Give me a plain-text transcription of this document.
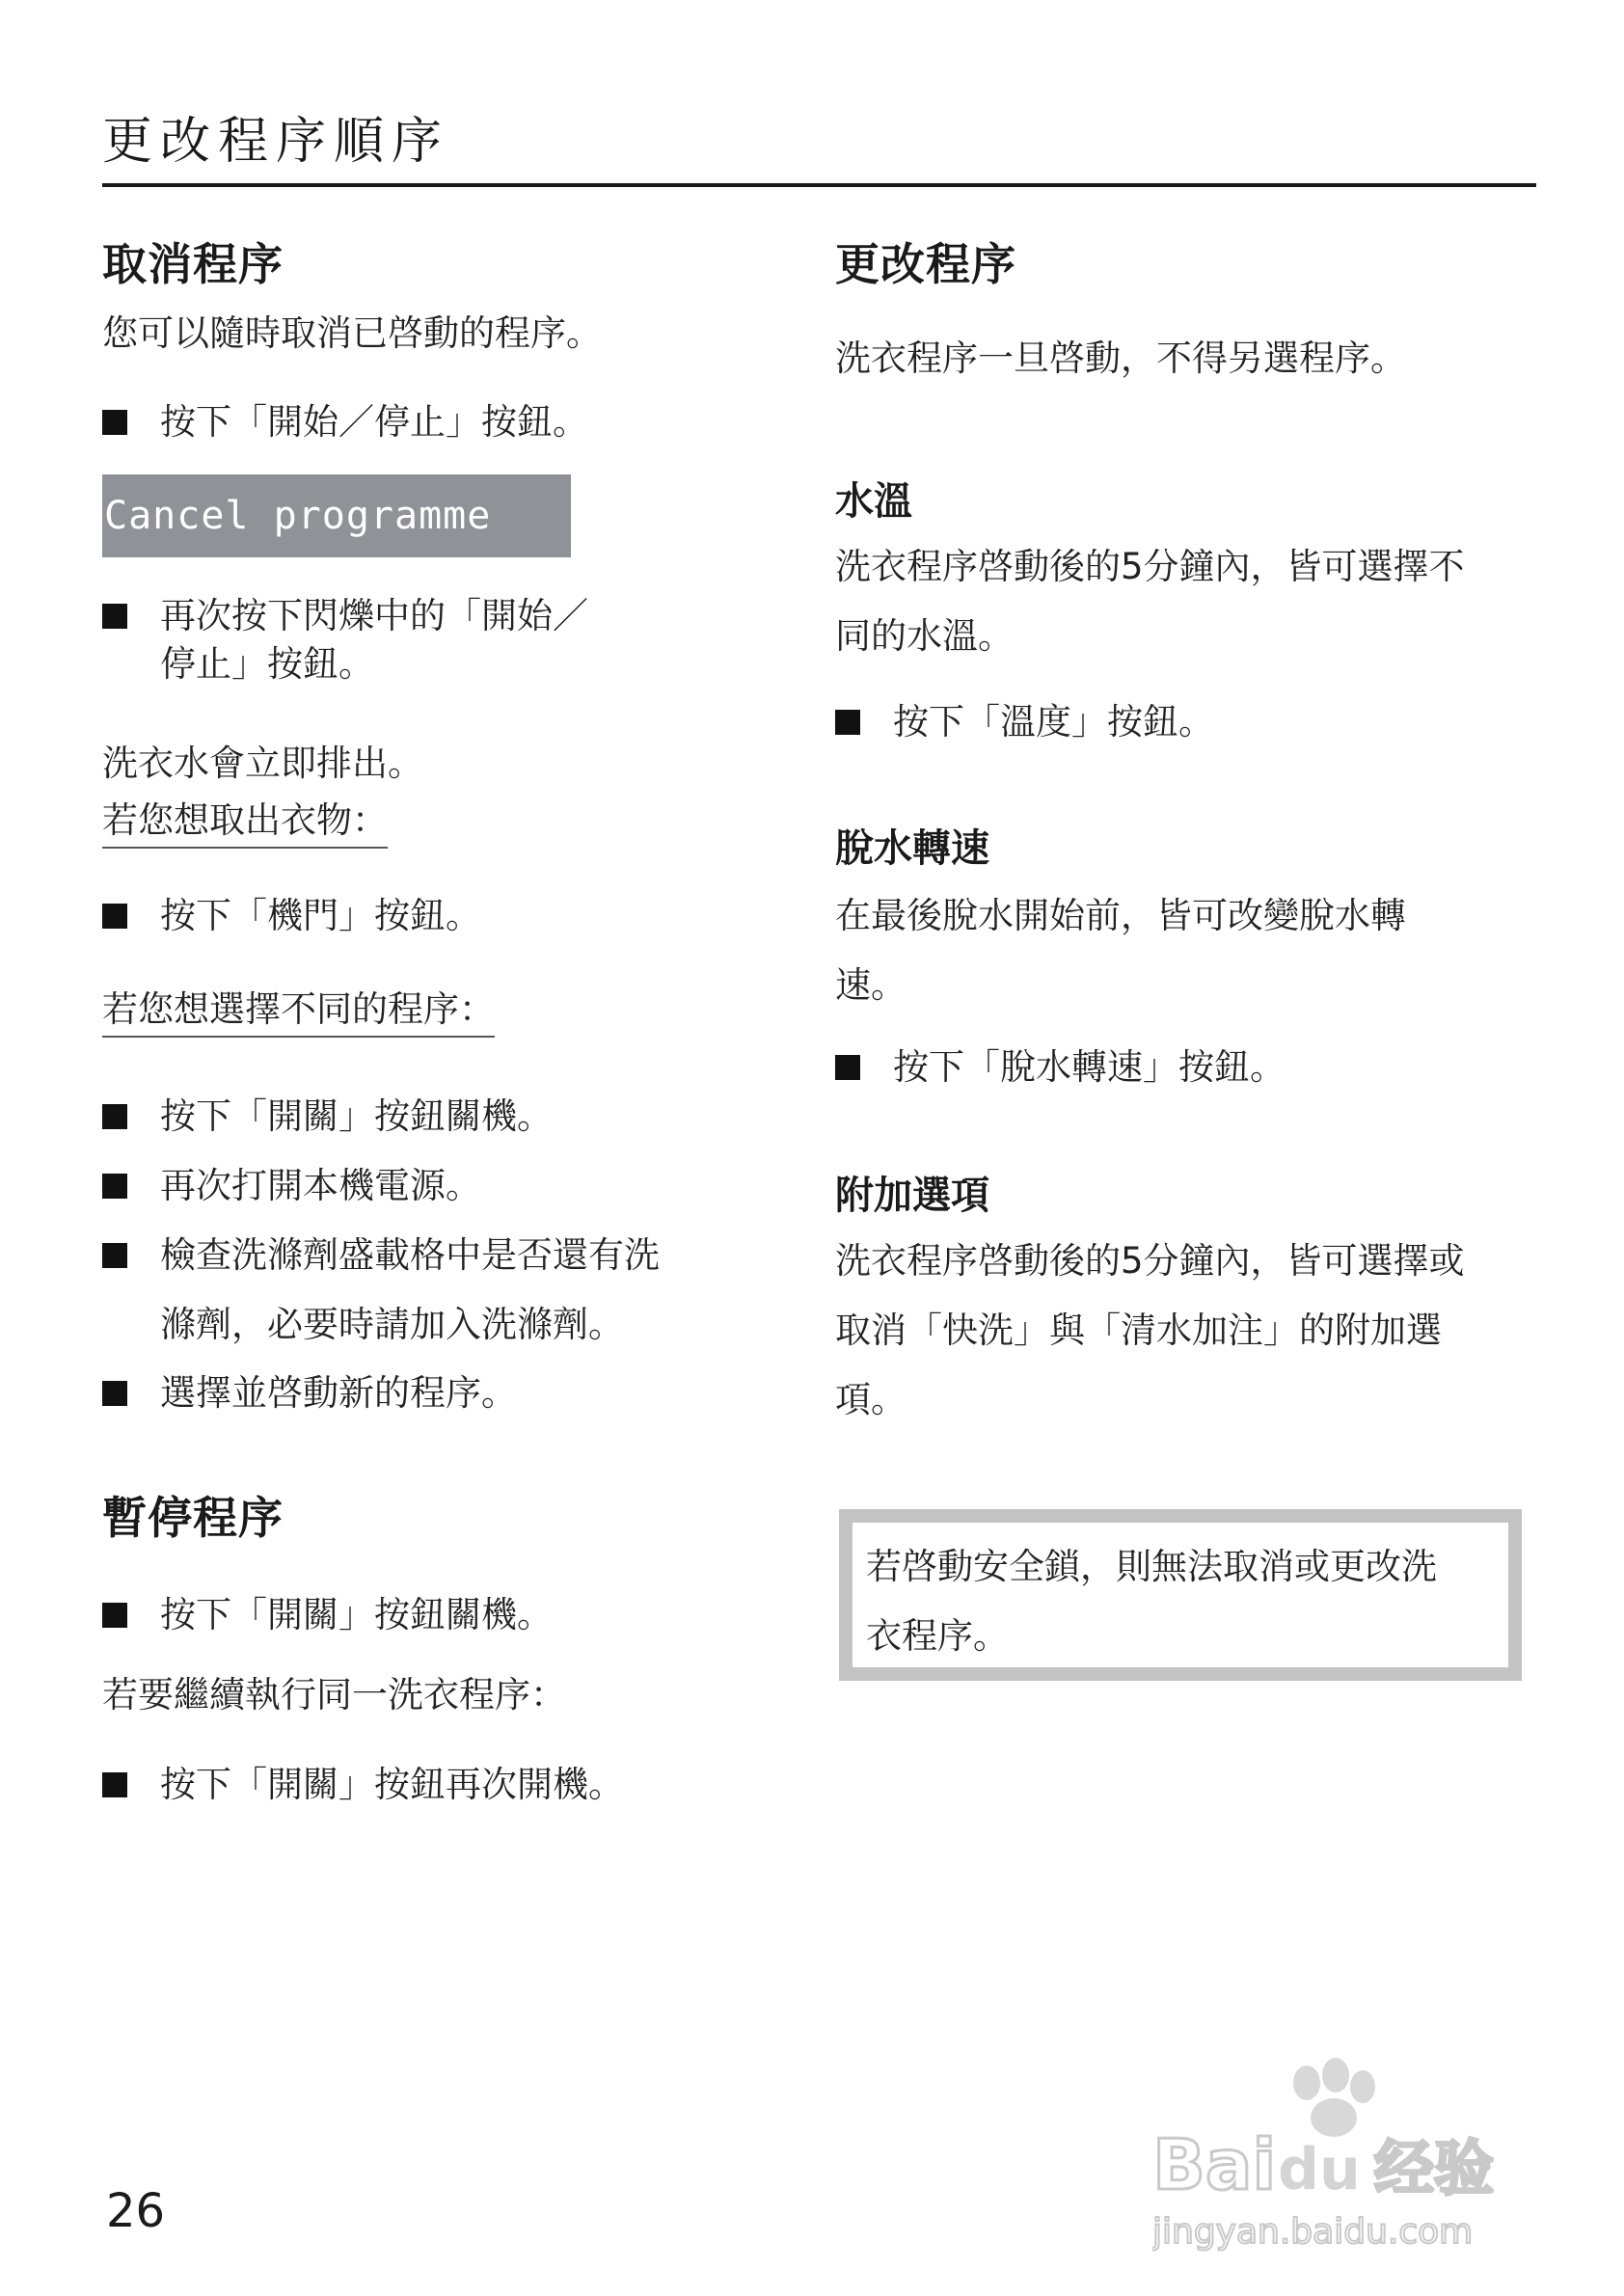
更改程序順序
取消程序
您可以隨時取消已啓動的程序。
按下「開始／停止」按鈕。
Cancel programme
再次按下閃爍中的「開始／
停止」按鈕。
洗衣水會立即排出。
若您想取出衣物：
按下「機門」按鈕。
若您想選擇不同的程序：
按下「開關」按鈕關機。
再次打開本機電源。
檢查洗滌劑盛載格中是否還有洗
滌劑，必要時請加入洗滌劑。
選擇並啓動新的程序。
暫停程序
按下「開關」按鈕關機。
若要繼續執行同一洗衣程序：
按下「開關」按鈕再次開機。
更改程序
洗衣程序一旦啓動，不得另選程序。
水溫
洗衣程序啓動後的5分鐘內，皆可選擇不
同的水溫。
按下「溫度」按鈕。
脫水轉速
在最後脫水開始前，皆可改變脫水轉
速。
按下「脫水轉速」按鈕。
附加選項
洗衣程序啓動後的5分鐘內，皆可選擇或
取消「快洗」與「清水加注」的附加選
項。
若啓動安全鎖，則無法取消或更改洗
衣程序。
26
Bai du 经验
jingyan.baidu.com
